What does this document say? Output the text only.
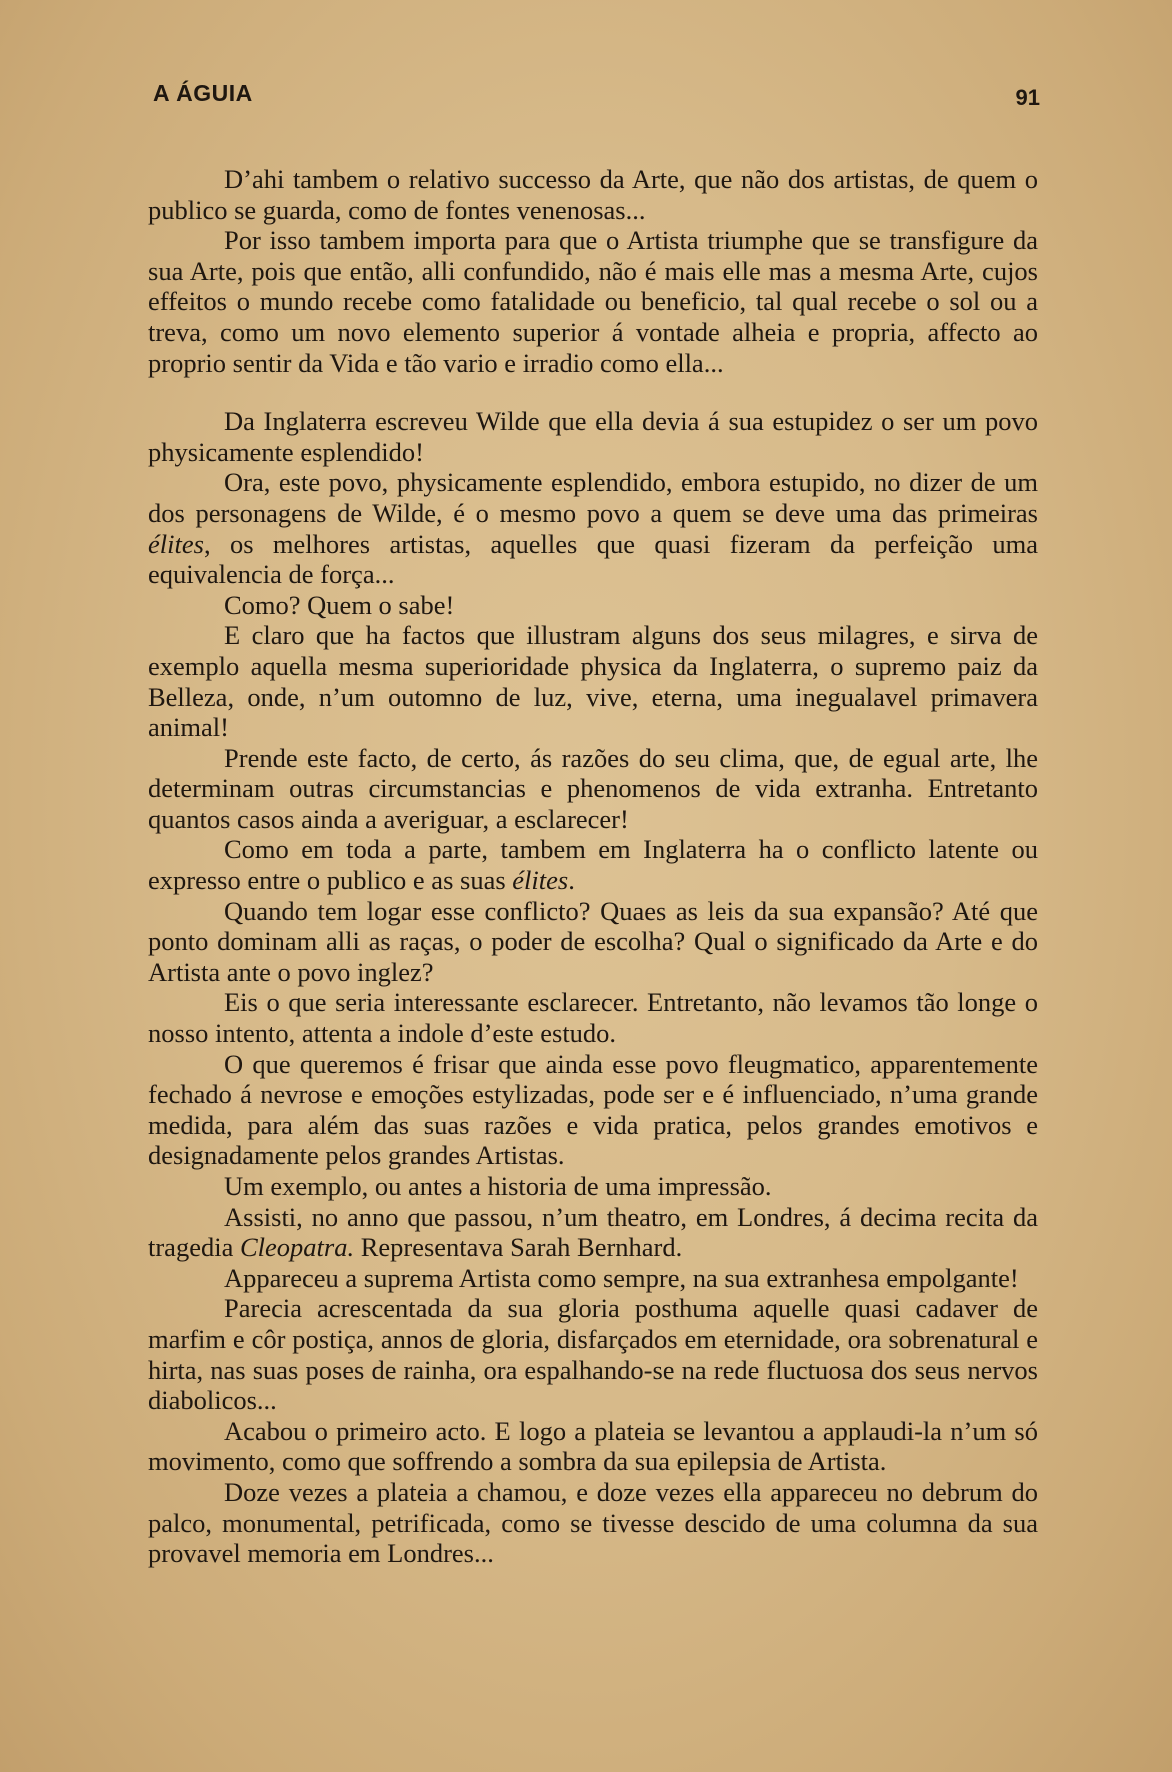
A ÁGUIA	91

D’ahi tambem o relativo successo da Arte, que não dos artistas, de quem o publico se guarda, como de fontes venenosas...

Por isso tambem importa para que o Artista triumphe que se transfigure da sua Arte, pois que então, alli confundido, não é mais elle mas a mesma Arte, cujos effeitos o mundo recebe como fatalidade ou beneficio, tal qual recebe o sol ou a treva, como um novo elemento superior á vontade alheia e propria, affecto ao proprio sentir da Vida e tão vario e irradio como ella...

Da Inglaterra escreveu Wilde que ella devia á sua estupidez o ser um povo physicamente esplendido!

Ora, este povo, physicamente esplendido, embora estupido, no dizer de um dos personagens de Wilde, é o mesmo povo a quem se deve uma das primeiras élites, os melhores artistas, aquelles que quasi fizeram da perfeição uma equivalencia de força...

Como? Quem o sabe!

E claro que ha factos que illustram alguns dos seus milagres, e sirva de exemplo aquella mesma superioridade physica da Inglaterra, o supremo paiz da Belleza, onde, n’um outomno de luz, vive, eterna, uma inegualavel primavera animal!

Prende este facto, de certo, ás razões do seu clima, que, de egual arte, lhe determinam outras circumstancias e phenomenos de vida extranha. Entretanto quantos casos ainda a averiguar, a esclarecer!

Como em toda a parte, tambem em Inglaterra ha o conflicto latente ou expresso entre o publico e as suas élites.

Quando tem logar esse conflicto? Quaes as leis da sua expansão? Até que ponto dominam alli as raças, o poder de escolha? Qual o significado da Arte e do Artista ante o povo inglez?

Eis o que seria interessante esclarecer. Entretanto, não levamos tão longe o nosso intento, attenta a indole d’este estudo.

O que queremos é frisar que ainda esse povo fleugmatico, apparentemente fechado á nevrose e emoções estylizadas, pode ser e é influenciado, n’uma grande medida, para além das suas razões e vida pratica, pelos grandes emotivos e designadamente pelos grandes Artistas.

Um exemplo, ou antes a historia de uma impressão.

Assisti, no anno que passou, n’um theatro, em Londres, á decima recita da tragedia Cleopatra. Representava Sarah Bernhard.

Appareceu a suprema Artista como sempre, na sua extranhesa empolgante!

Parecia acrescentada da sua gloria posthuma aquelle quasi cadaver de marfim e côr postiça, annos de gloria, disfarçados em eternidade, ora sobrenatural e hirta, nas suas poses de rainha, ora espalhando-se na rede fluctuosa dos seus nervos diabolicos...

Acabou o primeiro acto. E logo a plateia se levantou a applaudi-la n’um só movimento, como que soffrendo a sombra da sua epilepsia de Artista.

Doze vezes a plateia a chamou, e doze vezes ella appareceu no debrum do palco, monumental, petrificada, como se tivesse descido de uma columna da sua provavel memoria em Londres...
